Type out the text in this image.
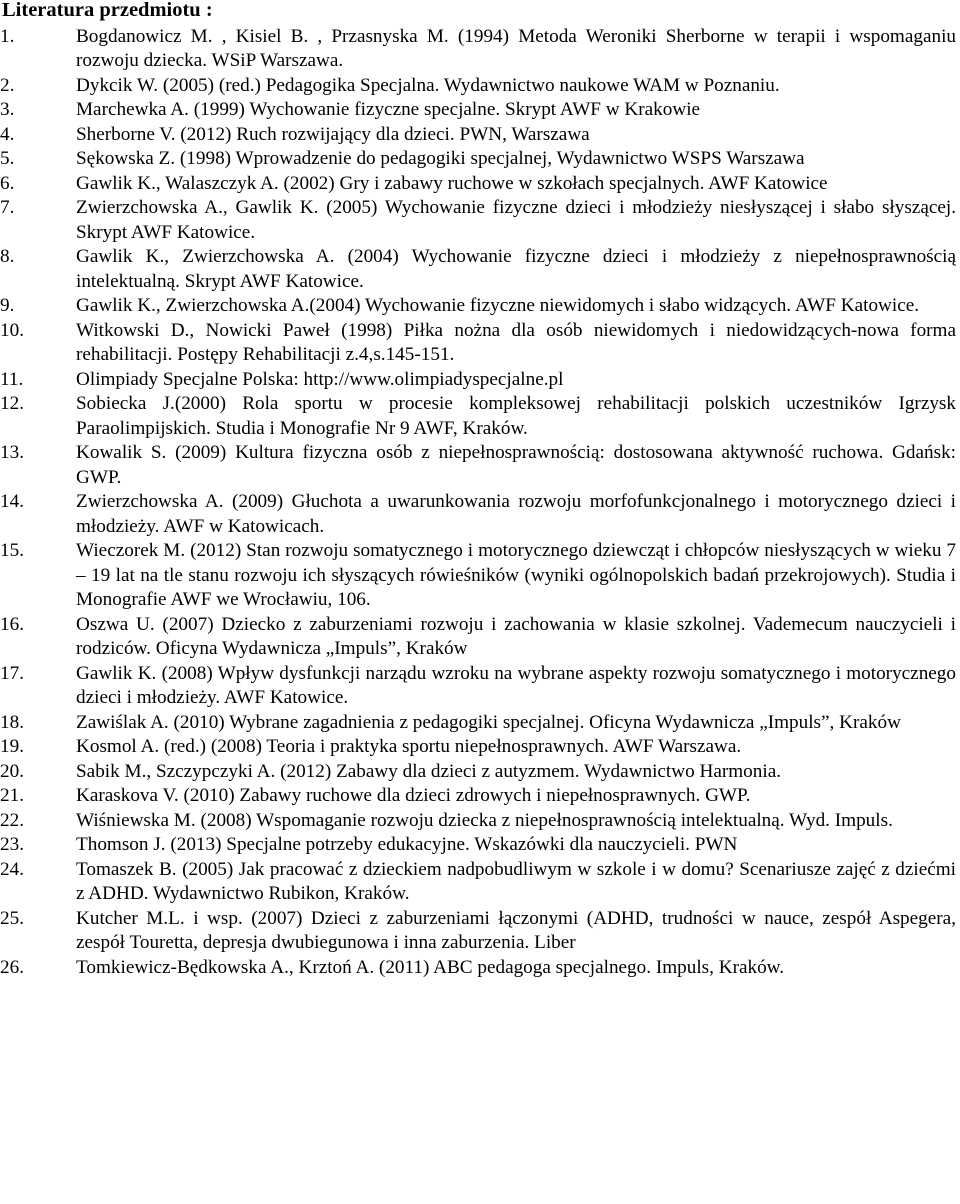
Literatura przedmiotu :
1.	Bogdanowicz M. , Kisiel B. , Przasnyska M. (1994) Metoda Weroniki Sherborne w terapii i wspomaganiu rozwoju dziecka. WSiP Warszawa.
2.	Dykcik W. (2005) (red.) Pedagogika Specjalna. Wydawnictwo naukowe WAM w Poznaniu.
3.	Marchewka A. (1999) Wychowanie fizyczne specjalne. Skrypt AWF w Krakowie
4.	Sherborne V. (2012) Ruch rozwijający dla dzieci. PWN, Warszawa
5.	Sękowska Z. (1998) Wprowadzenie do pedagogiki specjalnej, Wydawnictwo WSPS Warszawa
6.	Gawlik K., Walaszczyk A. (2002) Gry i zabawy ruchowe w szkołach specjalnych. AWF Katowice
7.	Zwierzchowska A., Gawlik K. (2005) Wychowanie fizyczne dzieci i młodzieży niesłyszącej i słabo słyszącej. Skrypt AWF Katowice.
8.	Gawlik K., Zwierzchowska A. (2004) Wychowanie fizyczne dzieci i młodzieży z niepełnosprawnością intelektualną. Skrypt AWF Katowice.
9.	Gawlik K., Zwierzchowska A.(2004) Wychowanie fizyczne niewidomych i słabo widzących. AWF Katowice.
10.	Witkowski D., Nowicki Paweł (1998) Piłka nożna dla osób niewidomych i niedowidzących-nowa forma rehabilitacji. Postępy Rehabilitacji z.4,s.145-151.
11.	Olimpiady Specjalne Polska: http://www.olimpiadyspecjalne.pl
12.	Sobiecka J.(2000) Rola sportu w procesie kompleksowej rehabilitacji polskich uczestników Igrzysk Paraolimpijskich. Studia i Monografie Nr 9 AWF, Kraków.
13.	Kowalik S. (2009) Kultura fizyczna osób z niepełnosprawnością: dostosowana aktywność ruchowa. Gdańsk: GWP.
14.	Zwierzchowska A. (2009) Głuchota a uwarunkowania rozwoju morfofunkcjonalnego i motorycznego dzieci i młodzieży. AWF w Katowicach.
15.	Wieczorek M. (2012) Stan rozwoju somatycznego i motorycznego dziewcząt i chłopców niesłyszących w wieku 7 – 19 lat na tle stanu rozwoju ich słyszących rówieśników (wyniki ogólnopolskich badań przekrojowych). Studia i Monografie AWF we Wrocławiu, 106.
16.	Oszwa U. (2007) Dziecko z zaburzeniami rozwoju i zachowania w klasie szkolnej. Vademecum nauczycieli i rodziców. Oficyna Wydawnicza „Impuls”, Kraków
17.	Gawlik K. (2008) Wpływ dysfunkcji narządu wzroku na wybrane aspekty rozwoju somatycznego i motorycznego dzieci i młodzieży. AWF Katowice.
18.	Zawiślak A. (2010) Wybrane zagadnienia z pedagogiki specjalnej. Oficyna Wydawnicza „Impuls”, Kraków
19.	Kosmol A. (red.) (2008) Teoria i praktyka sportu niepełnosprawnych. AWF Warszawa.
20.	Sabik M., Szczypczyki A. (2012) Zabawy dla dzieci z autyzmem. Wydawnictwo Harmonia.
21.	Karaskova V. (2010) Zabawy ruchowe dla dzieci zdrowych i niepełnosprawnych. GWP.
22.	Wiśniewska M. (2008) Wspomaganie rozwoju dziecka z niepełnosprawnością intelektualną. Wyd. Impuls.
23.	Thomson J. (2013) Specjalne potrzeby edukacyjne. Wskazówki dla nauczycieli. PWN
24.	Tomaszek B. (2005) Jak pracować z dzieckiem nadpobudliwym w szkole i w domu? Scenariusze zajęć z dziećmi z ADHD. Wydawnictwo Rubikon, Kraków.
25.	Kutcher M.L. i wsp. (2007) Dzieci z zaburzeniami łączonymi (ADHD, trudności w nauce, zespół Aspegera, zespół Touretta, depresja dwubiegunowa i inna zaburzenia. Liber
26.	Tomkiewicz-Będkowska A., Krztoń A. (2011) ABC pedagoga specjalnego. Impuls, Kraków.
